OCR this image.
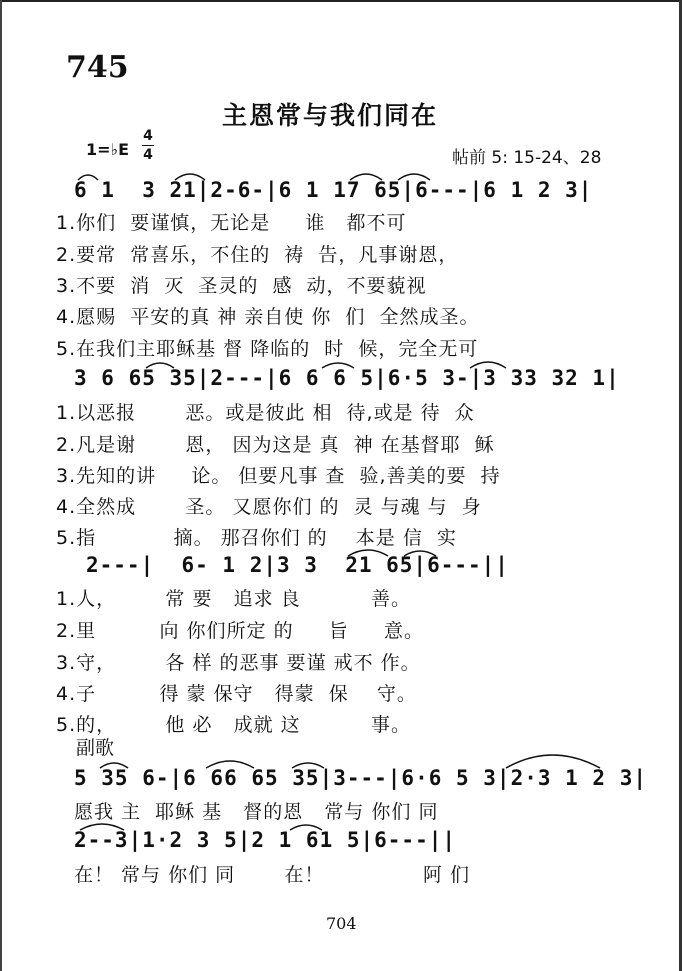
745
主恩常与我们同在
1=♭E
4
4	帖前 5: 15-24、28
6 1  3 21|2-6-|6 1 17 65|6---|6 1 2 3|
1.你们  要谨慎，无论是     谁   都不可
2.要常  常喜乐，不住的  祷  告，凡事谢恩，
3.不要  消  灭  圣灵的  感  动，不要藐视
4.愿赐  平安的真 神 亲自使 你  们  全然成圣。
5.在我们主耶稣基 督 降临的  时  候，完全无可
3 6 65 35|2---|6 6 6 5|6·5 3-|3 33 32 1|
1.以恶报       恶。或是彼此 相  待,或是 待  众
2.凡是谢       恩， 因为这是 真  神 在基督耶  稣
3.先知的讲     论。 但要凡事 查  验,善美的要  持
4.全然成       圣。 又愿你们 的  灵 与魂 与  身
5.指           摘。 那召你们 的    本是 信  实
2---|  6- 1 2|3 3  21 65|6---||
1.人，       常 要   追求 良          善。
2.里         向 你们所定 的     旨     意。
3.守，       各 样 的恶事 要谨 戒不 作。
4.子         得 蒙 保守   得蒙  保    守。
5.的，       他 必   成就 这          事。
副歌
5 35 6-|6 66 65 35|3---|6·6 5 3|2·3 1 2 3|
愿我 主  耶稣 基   督的恩   常与 你们 同
2--3|1·2 3 5|2 1 61 5|6---||
在！ 常与 你们 同       在！              阿 们
704
